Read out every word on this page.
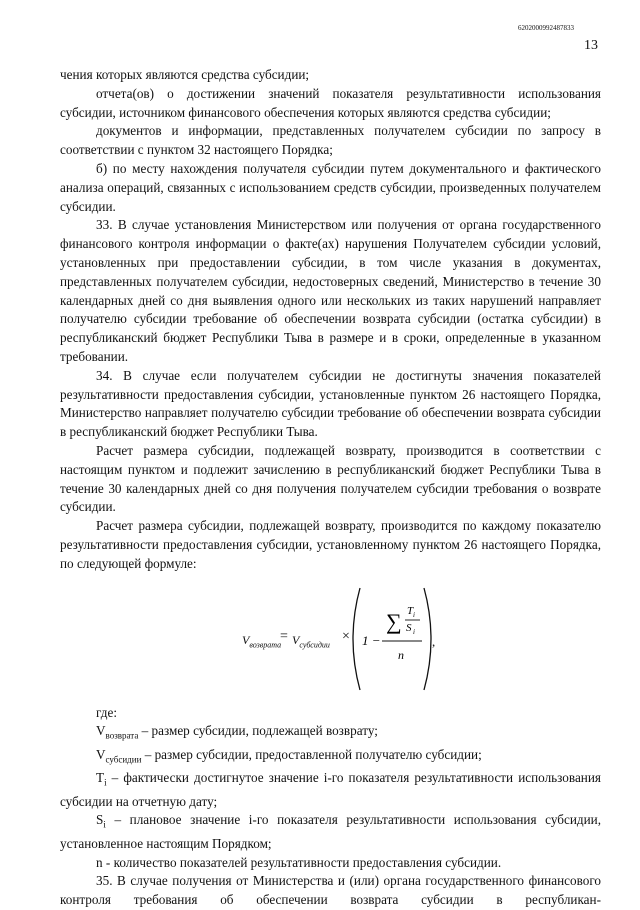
6202000992487833
13

чения которых являются средства субсидии;

отчета(ов) о достижении значений показателя результативности использования субсидии, источником финансового обеспечения которых являются средства субсидии;

документов и информации, представленных получателем субсидии по запросу в соответствии с пунктом 32 настоящего Порядка;

б) по месту нахождения получателя субсидии путем документального и фактического анализа операций, связанных с использованием средств субсидии, произведенных получателем субсидии.

33. В случае установления Министерством или получения от органа государственного финансового контроля информации о факте(ах) нарушения Получателем субсидии условий, установленных при предоставлении субсидии, в том числе указания в документах, представленных получателем субсидии, недостоверных сведений, Министерство в течение 30 календарных дней со дня выявления одного или нескольких из таких нарушений направляет получателю субсидии требование об обеспечении возврата субсидии (остатка субсидии) в республиканский бюджет Республики Тыва в размере и в сроки, определенные в указанном требовании.

34. В случае если получателем субсидии не достигнуты значения показателей результативности предоставления субсидии, установленные пунктом 26 настоящего Порядка, Министерство направляет получателю субсидии требование об обеспечении возврата субсидии в республиканский бюджет Республики Тыва.

Расчет размера субсидии, подлежащей возврату, производится в соответствии с настоящим пунктом и подлежит зачислению в республиканский бюджет Республики Тыва в течение 30 календарных дней со дня получения получателем субсидии требования о возврате субсидии.

Расчет размера субсидии, подлежащей возврату, производится по каждому показателю результативности предоставления субсидии, установленному пунктом 26 настоящего Порядка, по следующей формуле:

$V_{возврата}$
= $V_{субсидии}$
× 1 −
∑ T i
S i
n
,

где:

$V_{возврата}$ – размер субсидии, подлежащей возврату;

$V_{субсидии}$ – размер субсидии, предоставленной получателю субсидии;

$T_i$ – фактически достигнутое значение i-го показателя результативности использования субсидии на отчетную дату;

$S_i$ – плановое значение i-го показателя результативности использования субсидии, установленное настоящим Порядком;

n - количество показателей результативности предоставления субсидии.

35. В случае получения от Министерства и (или) органа государственного финансового контроля требования об обеспечении возврата субсидии в республикан-
